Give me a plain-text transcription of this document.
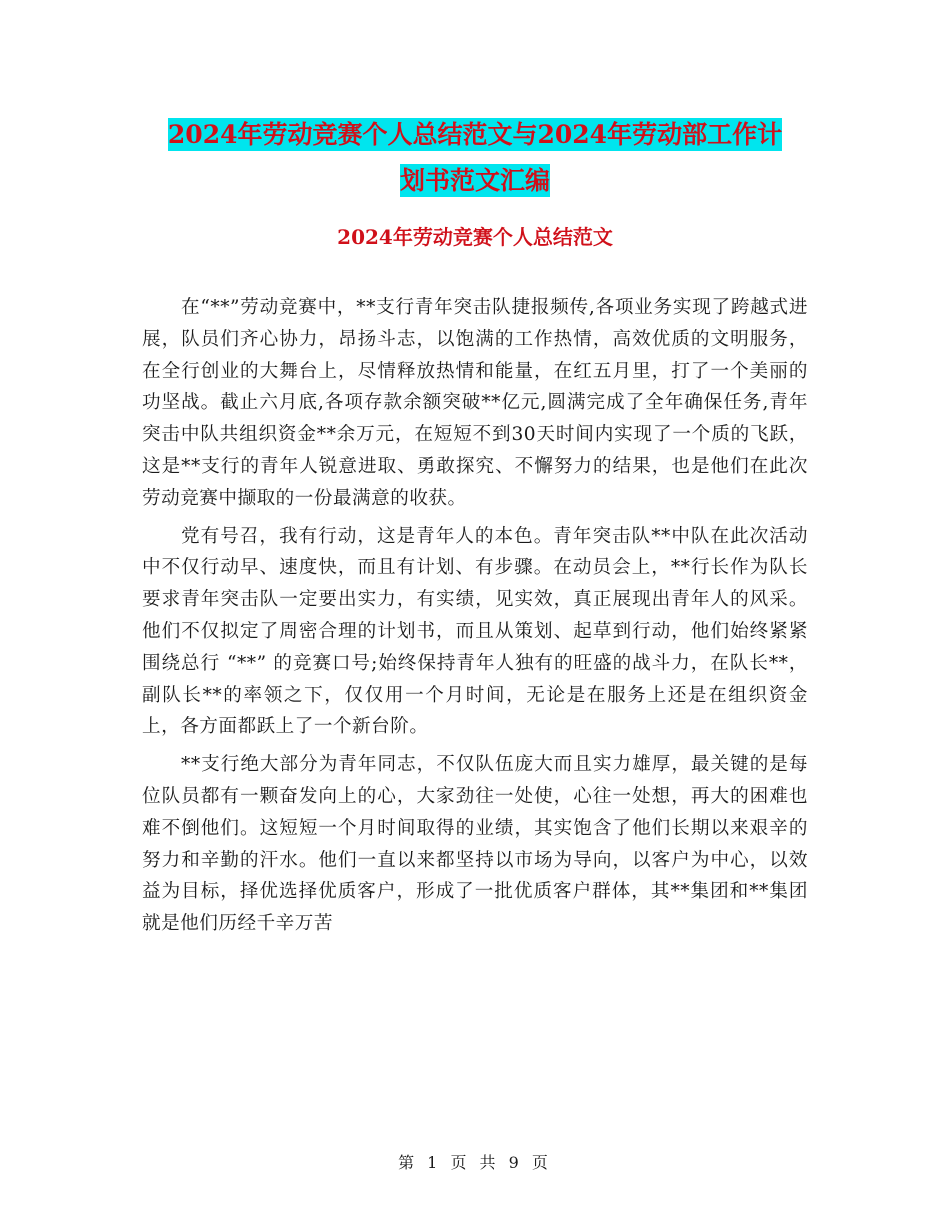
2024年劳动竞赛个人总结范文与2024年劳动部工作计
划书范文汇编
2024年劳动竞赛个人总结范文

在“**”劳动竞赛中，**支行青年突击队捷报频传,各项业务实现了跨越式进展，队员们齐心协力，昂扬斗志，以饱满的工作热情，高效优质的文明服务，在全行创业的大舞台上，尽情释放热情和能量，在红五月里，打了一个美丽的功坚战。截止六月底,各项存款余额突破**亿元,圆满完成了全年确保任务,青年突击中队共组织资金**余万元，在短短不到30天时间内实现了一个质的飞跃，这是**支行的青年人锐意进取、勇敢探究、不懈努力的结果，也是他们在此次劳动竞赛中撷取的一份最满意的收获。

党有号召，我有行动，这是青年人的本色。青年突击队**中队在此次活动中不仅行动早、速度快，而且有计划、有步骤。在动员会上，**行长作为队长要求青年突击队一定要出实力，有实绩，见实效，真正展现出青年人的风采。他们不仅拟定了周密合理的计划书，而且从策划、起草到行动，他们始终紧紧围绕总行 “**” 的竞赛口号;始终保持青年人独有的旺盛的战斗力，在队长**，副队长**的率领之下，仅仅用一个月时间，无论是在服务上还是在组织资金上，各方面都跃上了一个新台阶。

**支行绝大部分为青年同志，不仅队伍庞大而且实力雄厚，最关键的是每位队员都有一颗奋发向上的心，大家劲往一处使，心往一处想，再大的困难也难不倒他们。这短短一个月时间取得的业绩，其实饱含了他们长期以来艰辛的努力和辛勤的汗水。他们一直以来都坚持以市场为导向，以客户为中心，以效益为目标，择优选择优质客户，形成了一批优质客户群体，其**集团和**集团就是他们历经千辛万苦

第 1 页 共 9 页
